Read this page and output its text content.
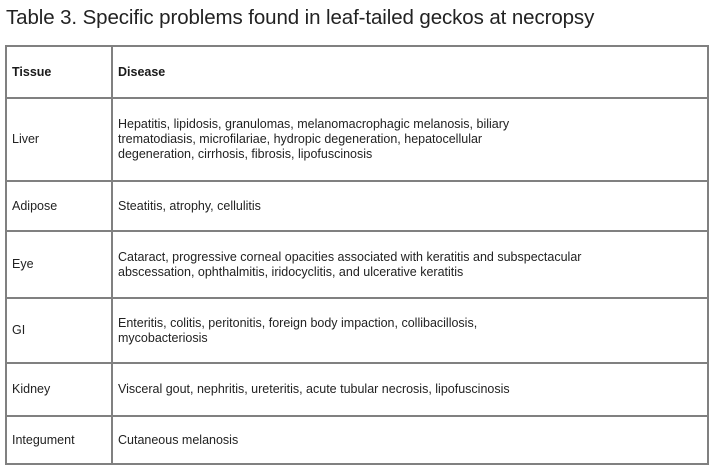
Table 3. Specific problems found in leaf-tailed geckos at necropsy
Tissue	Disease
Liver	Hepatitis, lipidosis, granulomas, melanomacrophagic melanosis, biliary trematodiasis, microfilariae, hydropic degeneration, hepatocellular degeneration, cirrhosis, fibrosis, lipofuscinosis

Adipose	Steatitis, atrophy, cellulitis
Eye	Cataract, progressive corneal opacities associated with keratitis and subspectacular abscessation, ophthalmitis, iridocyclitis, and ulcerative keratitis

GI	Enteritis, colitis, peritonitis, foreign body impaction, collibacillosis, mycobacteriosis

Kidney	Visceral gout, nephritis, ureteritis, acute tubular necrosis, lipofuscinosis
Integument	Cutaneous melanosis
